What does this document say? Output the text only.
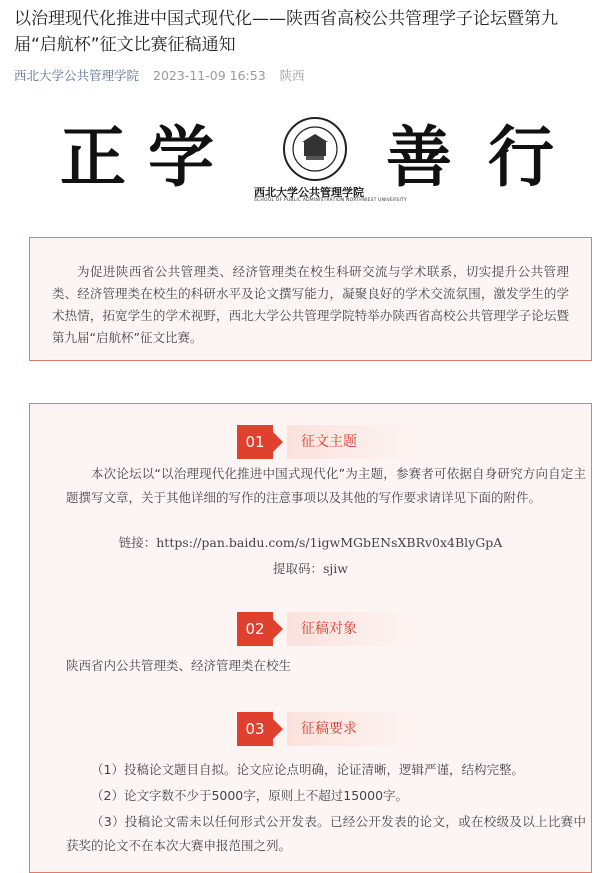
以治理现代化推进中国式现代化——陕西省高校公共管理学子论坛暨第九届“启航杯”征文比赛征稿通知
西北大学公共管理学院 2023-11-09 16:53 陕西
正 学	西北大学公共管理学院
SCHOOL OF PUBLIC ADMINISTRATION NORTHWEST UNIVERSITY
善 行

为促进陕西省公共管理类、经济管理类在校生科研交流与学术联系，切实提升公共管理类、经济管理类在校生的科研水平及论文撰写能力，凝聚良好的学术交流氛围，激发学生的学术热情，拓宽学生的学术视野，西北大学公共管理学院特举办陕西省高校公共管理学子论坛暨第九届“启航杯”征文比赛。

01	征文主题

本次论坛以“以治理现代化推进中国式现代化”为主题，参赛者可依据自身研究方向自定主题撰写文章，关于其他详细的写作的注意事项以及其他的写作要求请详见下面的附件。

链接：https://pan.baidu.com/s/1igwMGbENsXBRv0x4BlyGpA

提取码：sjiw

02	征稿对象

陕西省内公共管理类、经济管理类在校生

03	征稿要求

（1）投稿论文题目自拟。论文应论点明确，论证清晰，逻辑严谨，结构完整。

（2）论文字数不少于5000字，原则上不超过15000字。

（3）投稿论文需未以任何形式公开发表。已经公开发表的论文，或在校级及以上比赛中获奖的论文不在本次大赛申报范围之列。
